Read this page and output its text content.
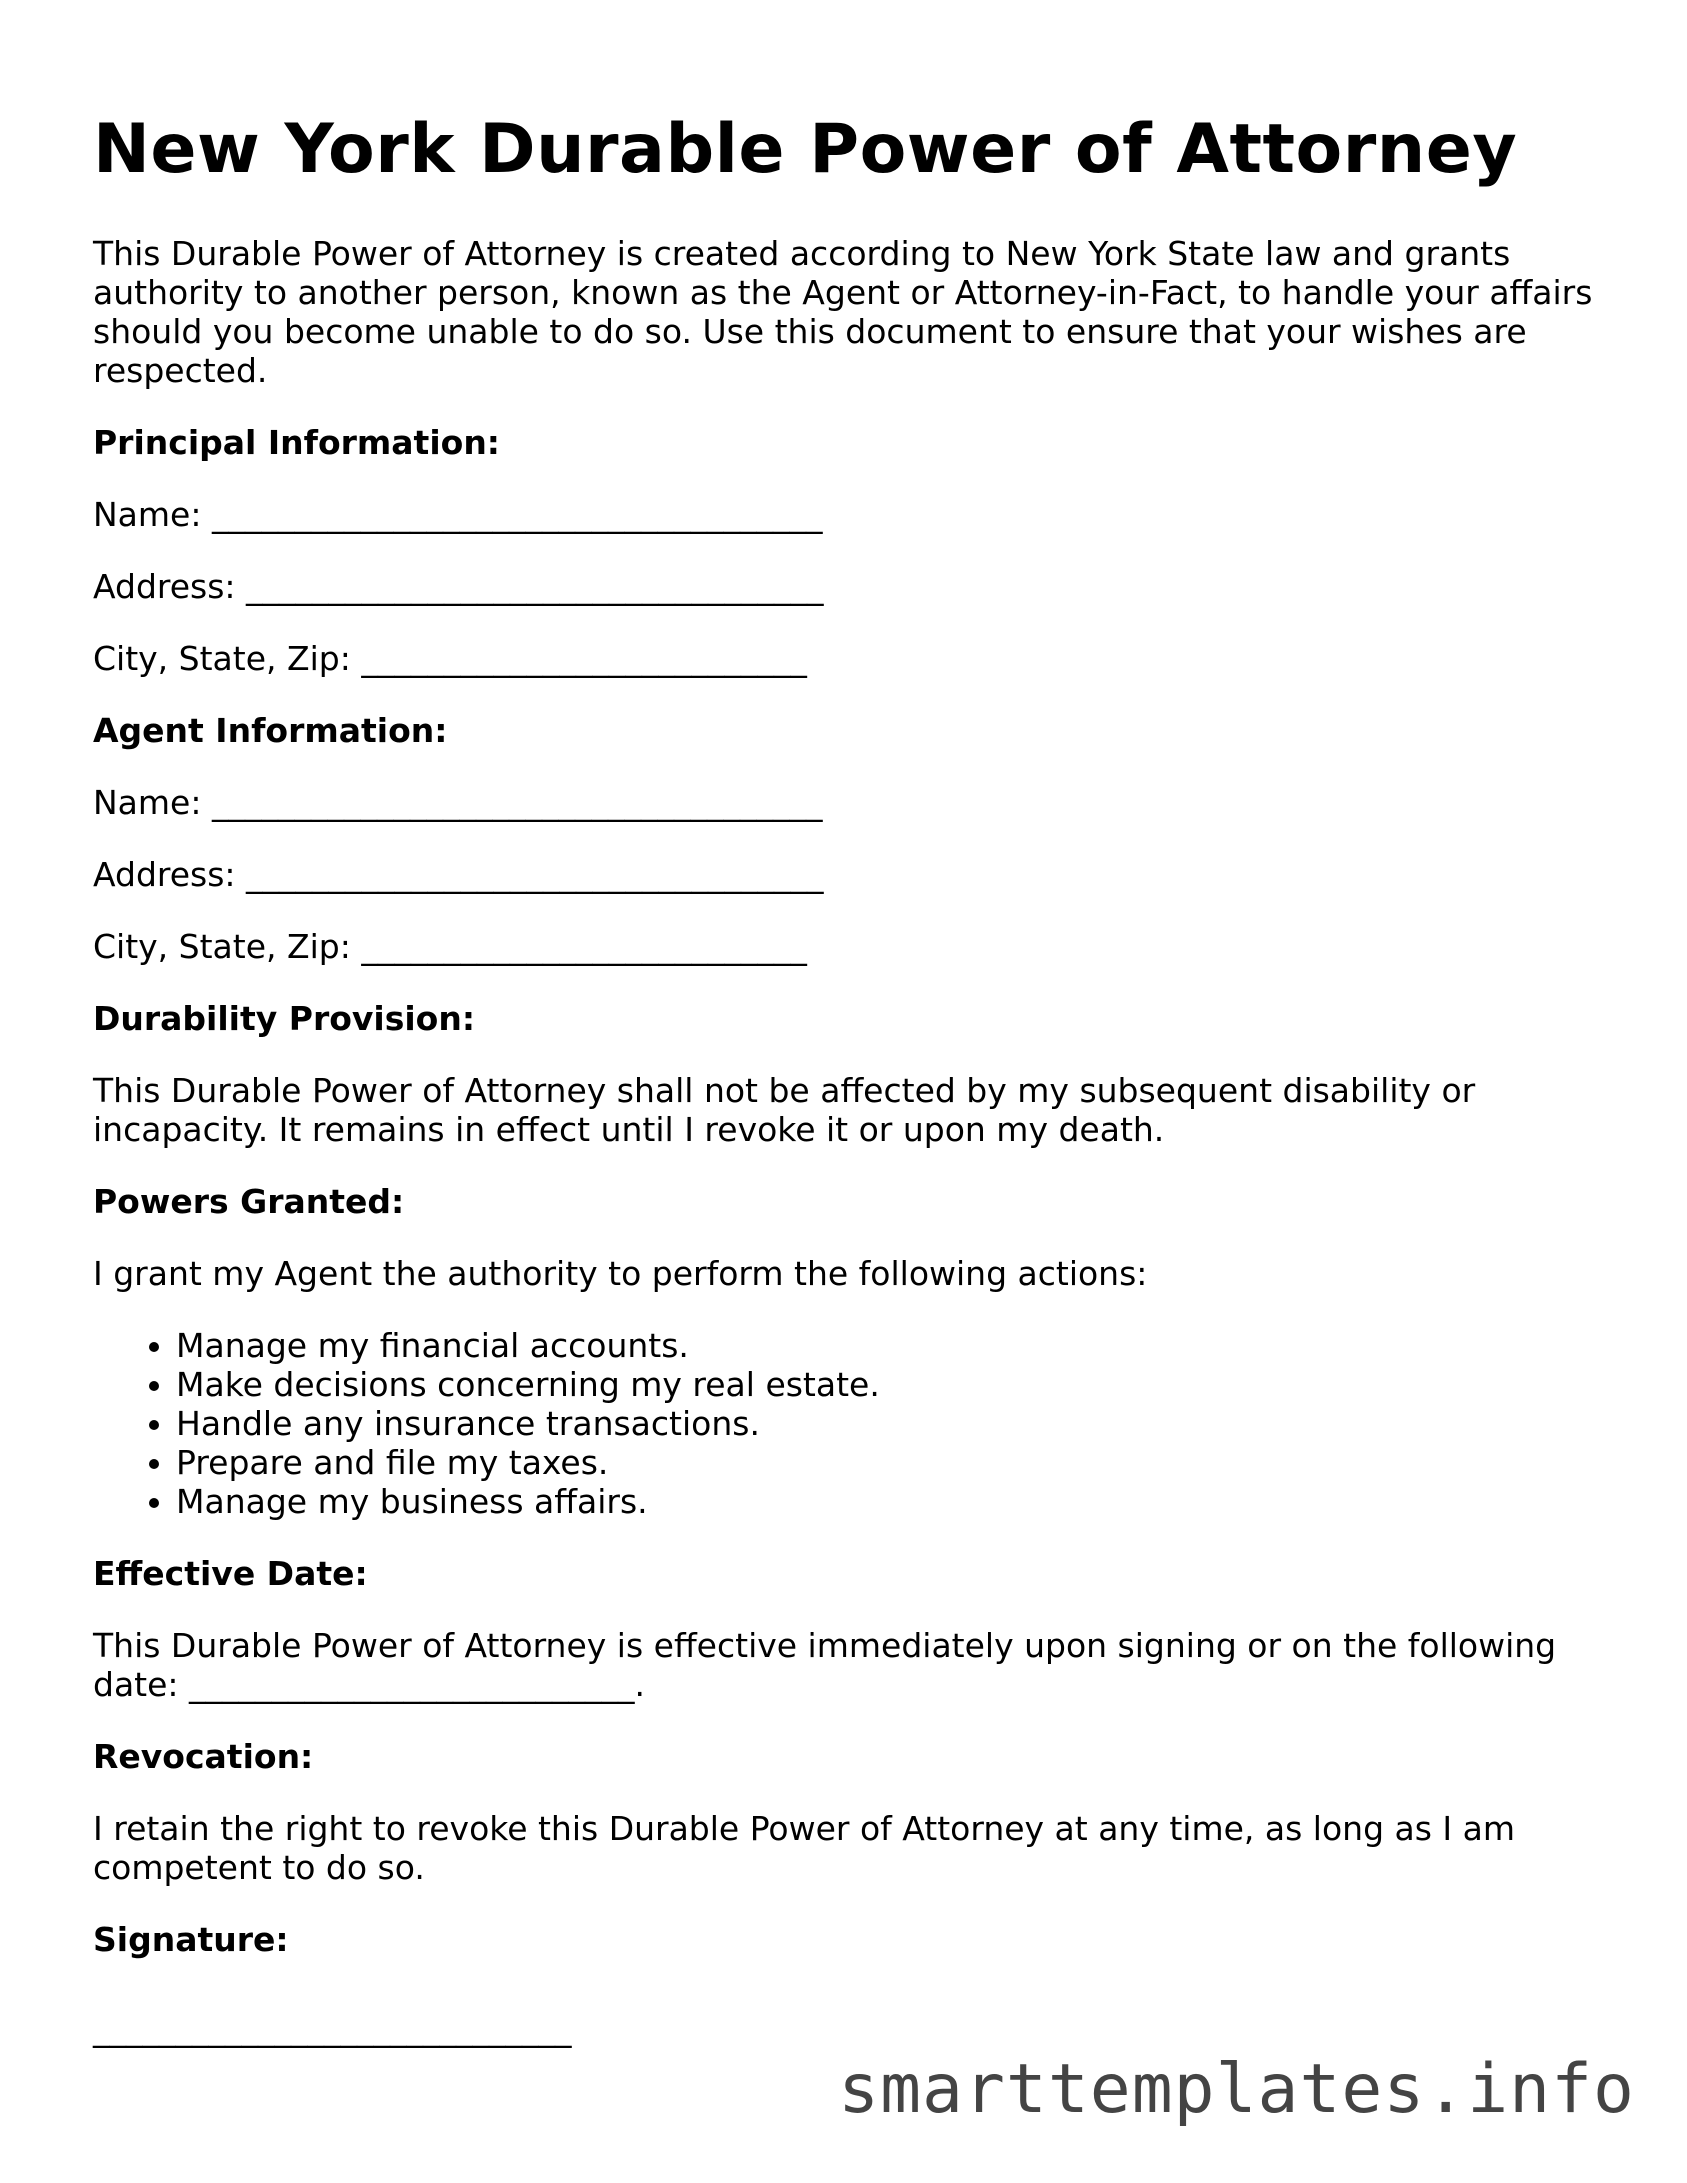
New York Durable Power of Attorney

This Durable Power of Attorney is created according to New York State law and grants authority to another person, known as the Agent or Attorney-in-Fact, to handle your affairs should you become unable to do so. Use this document to ensure that your wishes are respected.

Principal Information:
Name: _____________________________________
Address: ___________________________________
City, State, Zip: ___________________________
Agent Information:
Name: _____________________________________
Address: ___________________________________
City, State, Zip: ___________________________
Durability Provision:

This Durable Power of Attorney shall not be affected by my subsequent disability or incapacity. It remains in effect until I revoke it or upon my death.

Powers Granted:

I grant my Agent the authority to perform the following actions:

• Manage my financial accounts.
• Make decisions concerning my real estate.
• Handle any insurance transactions.
• Prepare and file my taxes.
• Manage my business affairs.
Effective Date:

This Durable Power of Attorney is effective immediately upon signing or on the following date: ___________________________.

Revocation:

I retain the right to revoke this Durable Power of Attorney at any time, as long as I am competent to do so.

Signature:
_____________________________
smarttemplates.info
